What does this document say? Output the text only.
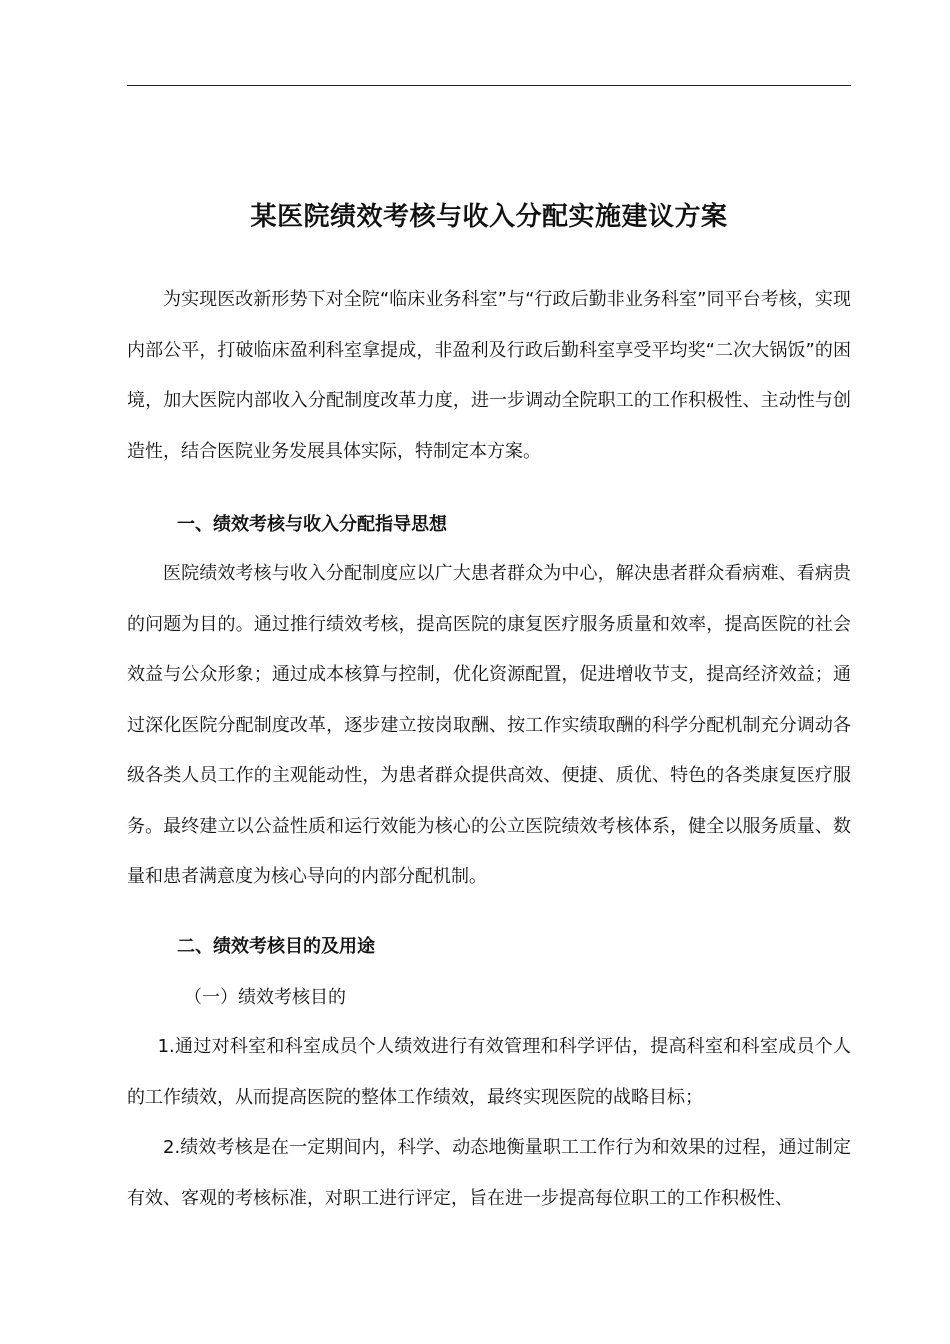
某医院绩效考核与收入分配实施建议方案

为实现医改新形势下对全院“临床业务科室”与“行政后勤非业务科室”同平台考核，实现内部公平，打破临床盈利科室拿提成，非盈利及行政后勤科室享受平均奖“二次大锅饭”的困境，加大医院内部收入分配制度改革力度，进一步调动全院职工的工作积极性、主动性与创造性，结合医院业务发展具体实际，特制定本方案。

一、绩效考核与收入分配指导思想

医院绩效考核与收入分配制度应以广大患者群众为中心，解决患者群众看病难、看病贵的问题为目的。通过推行绩效考核，提高医院的康复医疗服务质量和效率，提高医院的社会效益与公众形象；通过成本核算与控制，优化资源配置，促进增收节支，提高经济效益；通过深化医院分配制度改革，逐步建立按岗取酬、按工作实绩取酬的科学分配机制充分调动各级各类人员工作的主观能动性，为患者群众提供高效、便捷、质优、特色的各类康复医疗服务。最终建立以公益性质和运行效能为核心的公立医院绩效考核体系，健全以服务质量、数量和患者满意度为核心导向的内部分配机制。

二、绩效考核目的及用途

（一）绩效考核目的

1.通过对科室和科室成员个人绩效进行有效管理和科学评估，提高科室和科室成员个人的工作绩效，从而提高医院的整体工作绩效，最终实现医院的战略目标；

2.绩效考核是在一定期间内，科学、动态地衡量职工工作行为和效果的过程，通过制定有效、客观的考核标准，对职工进行评定，旨在进一步提高每位职工的工作积极性、
